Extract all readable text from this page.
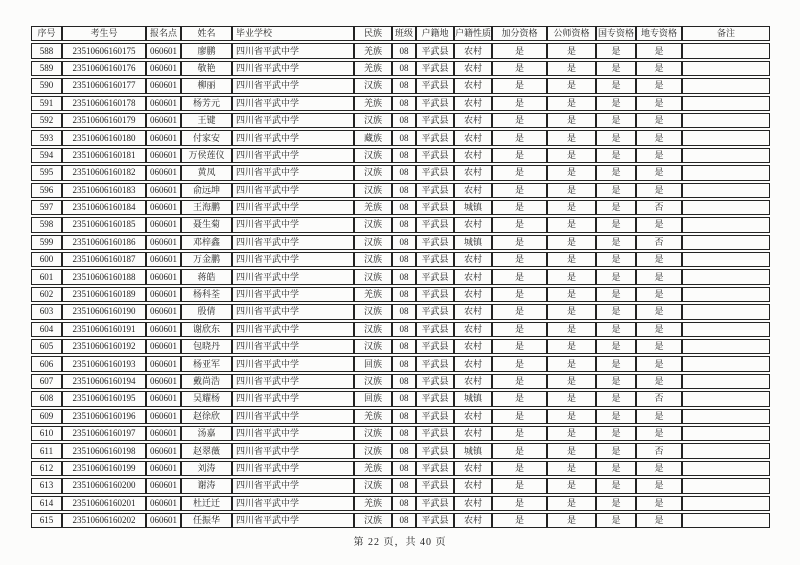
序号	考生号	报名点	姓名	毕业学校	民族	班级	户籍地	户籍性质	加分资格	公师资格	国专资格	地专资格	备注
588	23510606160175	060601	廖鹏	四川省平武中学	羌族	08	平武县	农村	是	是	是	是	
589	23510606160176	060601	敬艳	四川省平武中学	羌族	08	平武县	农村	是	是	是	是	
590	23510606160177	060601	柳丽	四川省平武中学	汉族	08	平武县	农村	是	是	是	是	
591	23510606160178	060601	杨芳元	四川省平武中学	羌族	08	平武县	农村	是	是	是	是	
592	23510606160179	060601	王键	四川省平武中学	汉族	08	平武县	农村	是	是	是	是	
593	23510606160180	060601	付家安	四川省平武中学	藏族	08	平武县	农村	是	是	是	是	
594	23510606160181	060601	万侯莲仪	四川省平武中学	汉族	08	平武县	农村	是	是	是	是	
595	23510606160182	060601	黄凤	四川省平武中学	汉族	08	平武县	农村	是	是	是	是	
596	23510606160183	060601	俞远坤	四川省平武中学	汉族	08	平武县	农村	是	是	是	是	
597	23510606160184	060601	王海鹏	四川省平武中学	羌族	08	平武县	城镇	是	是	是	否	
598	23510606160185	060601	聂生菊	四川省平武中学	汉族	08	平武县	农村	是	是	是	是	
599	23510606160186	060601	邓梓鑫	四川省平武中学	汉族	08	平武县	城镇	是	是	是	否	
600	23510606160187	060601	万金鹏	四川省平武中学	汉族	08	平武县	农村	是	是	是	是	
601	23510606160188	060601	蒋皓	四川省平武中学	汉族	08	平武县	农村	是	是	是	是	
602	23510606160189	060601	杨科荃	四川省平武中学	羌族	08	平武县	农村	是	是	是	是	
603	23510606160190	060601	殷倩	四川省平武中学	汉族	08	平武县	农村	是	是	是	是	
604	23510606160191	060601	谢欣东	四川省平武中学	汉族	08	平武县	农村	是	是	是	是	
605	23510606160192	060601	包晓丹	四川省平武中学	汉族	08	平武县	农村	是	是	是	是	
606	23510606160193	060601	杨亚军	四川省平武中学	回族	08	平武县	农村	是	是	是	是	
607	23510606160194	060601	戴尚浩	四川省平武中学	汉族	08	平武县	农村	是	是	是	是	
608	23510606160195	060601	吴耀杨	四川省平武中学	回族	08	平武县	城镇	是	是	是	否	
609	23510606160196	060601	赵徐欣	四川省平武中学	羌族	08	平武县	农村	是	是	是	是	
610	23510606160197	060601	汤嘉	四川省平武中学	汉族	08	平武县	农村	是	是	是	是	
611	23510606160198	060601	赵翠薇	四川省平武中学	汉族	08	平武县	城镇	是	是	是	否	
612	23510606160199	060601	刘涛	四川省平武中学	羌族	08	平武县	农村	是	是	是	是	
613	23510606160200	060601	谢涛	四川省平武中学	汉族	08	平武县	农村	是	是	是	是	
614	23510606160201	060601	杜迁迁	四川省平武中学	羌族	08	平武县	农村	是	是	是	是	
615	23510606160202	060601	任振华	四川省平武中学	汉族	08	平武县	农村	是	是	是	是	
第 22 页，共 40 页
